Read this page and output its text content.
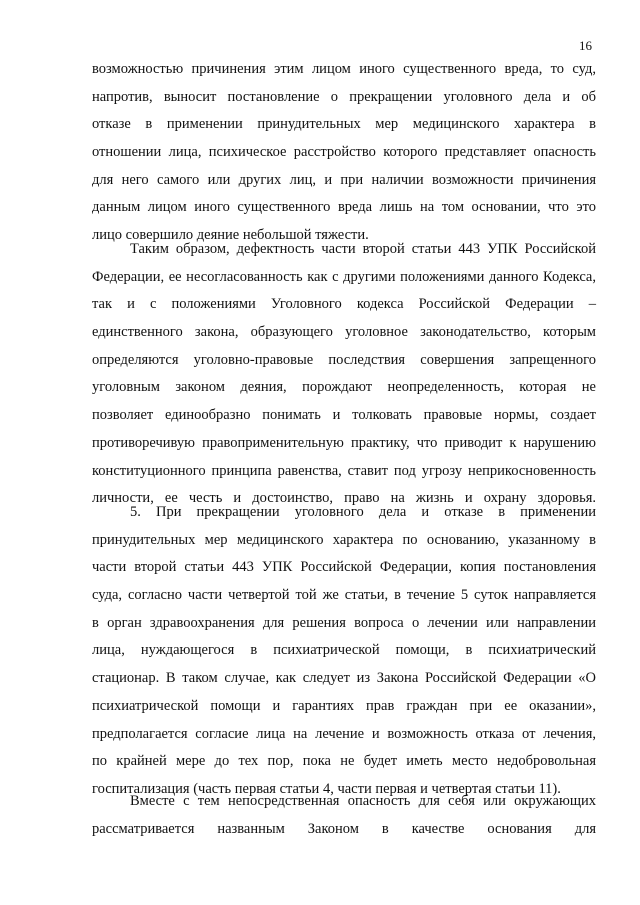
16
возможностью причинения этим лицом иного существенного вреда, то суд,
напротив, выносит постановление о прекращении уголовного дела и об
отказе в применении принудительных мер медицинского характера в
отношении лица, психическое расстройство которого представляет опасность
для него самого или других лиц, и при наличии возможности причинения
данным лицом иного существенного вреда лишь на том основании, что это
лицо совершило деяние небольшой тяжести.
Таким образом, дефектность части второй статьи 443 УПК Российской
Федерации, ее несогласованность как с другими положениями данного Кодекса,
так и с положениями Уголовного кодекса Российской Федерации –
единственного закона, образующего уголовное законодательство, которым
определяются уголовно-правовые последствия совершения запрещенного
уголовным законом деяния, порождают неопределенность, которая не
позволяет единообразно понимать и толковать правовые нормы, создает
противоречивую правоприменительную практику, что приводит к нарушению
конституционного принципа равенства, ставит под угрозу неприкосновенность
личности, ее честь и достоинство, право на жизнь и охрану здоровья.
5. При прекращении уголовного дела и отказе в применении
принудительных мер медицинского характера по основанию, указанному в
части второй статьи 443 УПК Российской Федерации, копия постановления
суда, согласно части четвертой той же статьи, в течение 5 суток направляется
в орган здравоохранения для решения вопроса о лечении или направлении
лица, нуждающегося в психиатрической помощи, в психиатрический
стационар. В таком случае, как следует из Закона Российской Федерации «О
психиатрической помощи и гарантиях прав граждан при ее оказании»,
предполагается согласие лица на лечение и возможность отказа от лечения,
по крайней мере до тех пор, пока не будет иметь место недобровольная
госпитализация (часть первая статьи 4, части первая и четвертая статьи 11).
Вместе с тем непосредственная опасность для себя или окружающих
рассматривается названным Законом в качестве основания для
